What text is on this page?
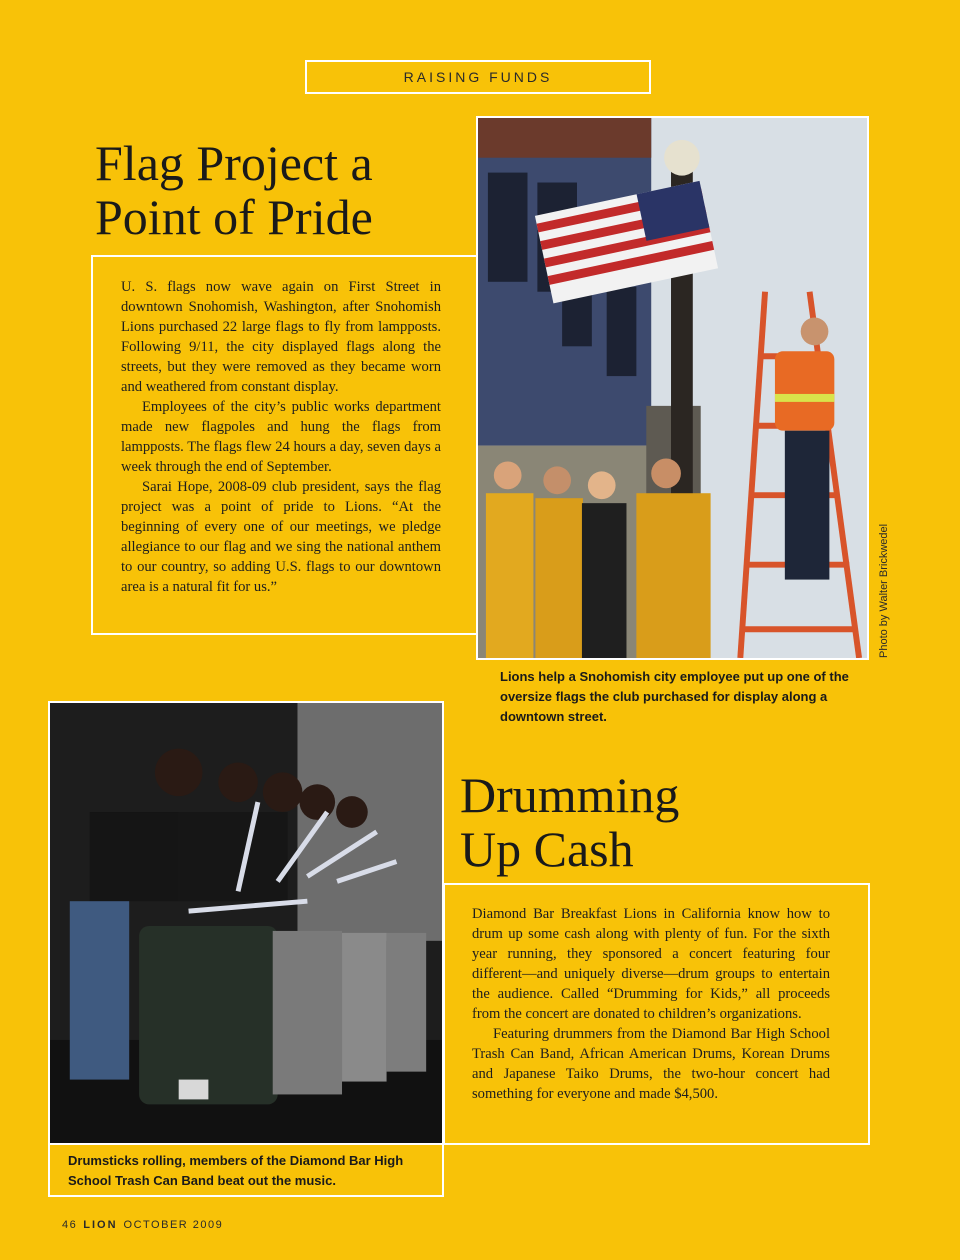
RAISING FUNDS
Flag Project a
Point of Pride

U. S. flags now wave again on First Street in downtown Snohomish, Washington, after Snohomish Lions purchased 22 large flags to fly from lampposts. Following 9/11, the city displayed flags along the streets, but they were removed as they became worn and weathered from constant display.

Employees of the city’s public works department made new flagpoles and hung the flags from lampposts. The flags flew 24 hours a day, seven days a week through the end of September.

Sarai Hope, 2008-09 club president, says the flag project was a point of pride to Lions. “At the beginning of every one of our meetings, we pledge allegiance to our flag and we sing the national anthem to our country, so adding U.S. flags to our downtown area is a natural fit for us.”	Photo by Walter Brickwedel

Lions help a Snohomish city employee put up one of the oversize flags the club purchased for display along a downtown street.

Drumsticks rolling, members of the Diamond Bar High School Trash Can Band beat out the music.

Drumming
Up Cash

Diamond Bar Breakfast Lions in California know how to drum up some cash along with plenty of fun. For the sixth year running, they sponsored a concert featuring four different—and uniquely diverse—drum groups to entertain the audience. Called “Drumming for Kids,” all proceeds from the concert are donated to children’s organizations.

Featuring drummers from the Diamond Bar High School Trash Can Band, African American Drums, Korean Drums and Japanese Taiko Drums, the two-hour concert had something for everyone and made $4,500.

46 LION OCTOBER 2009
